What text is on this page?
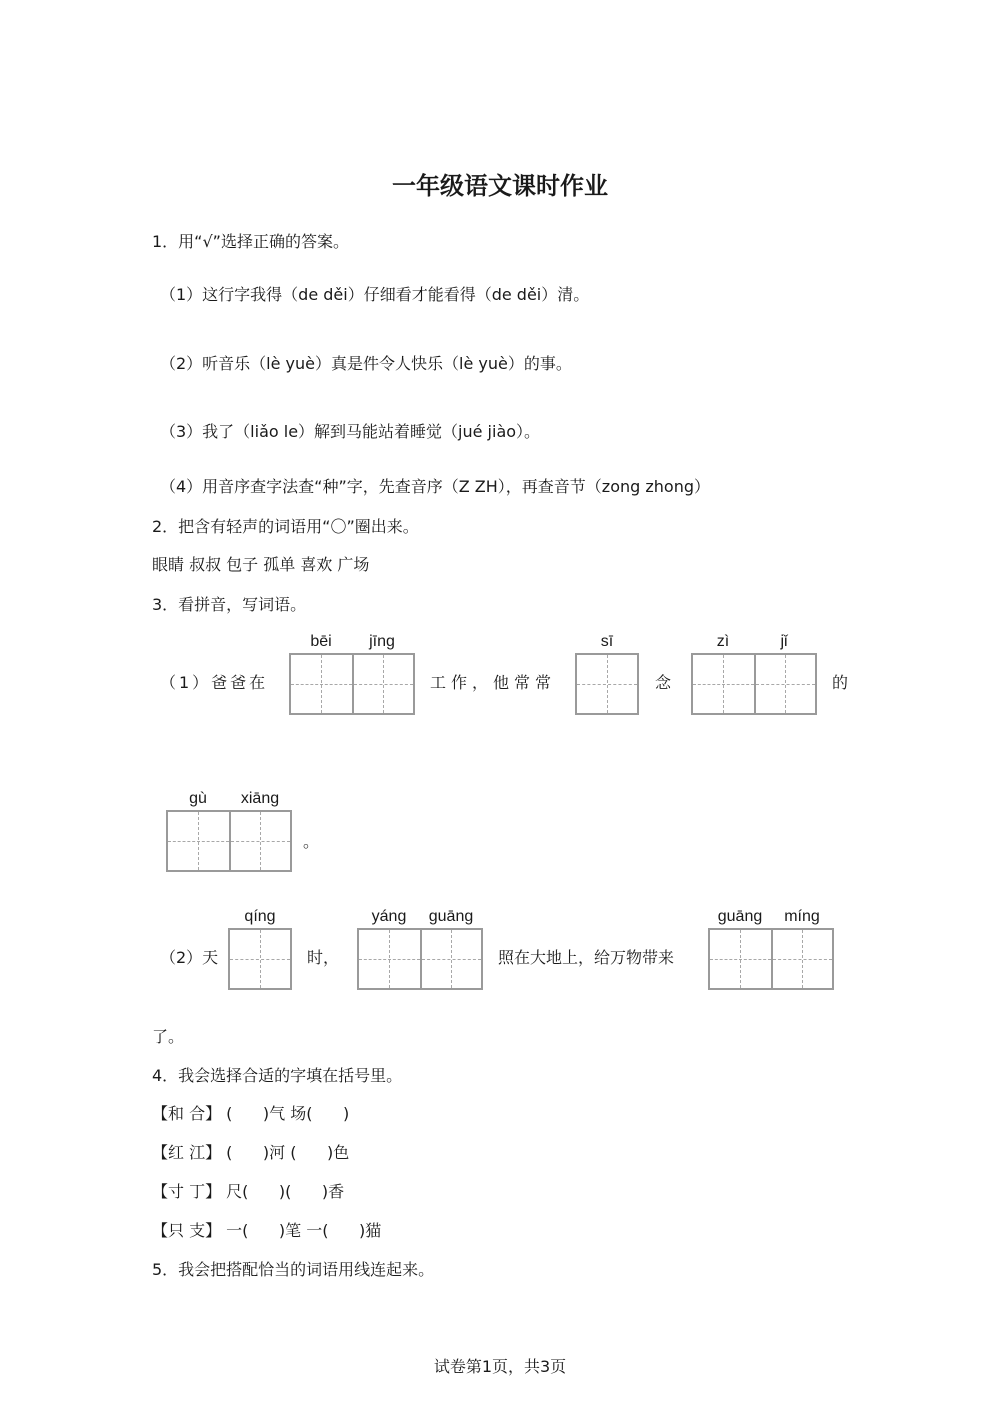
一年级语文课时作业
1．用“√”选择正确的答案。
（1）这行字我得（de děi）仔细看才能看得（de děi）清。
（2）听音乐（lè yuè）真是件令人快乐（lè yuè）的事。
（3）我了（liǎo le）解到马能站着睡觉（jué jiào）。
（4）用音序查字法查“种”字，先查音序（Z ZH），再查音节（zong zhong）
2．把含有轻声的词语用“〇”圈出来。
眼睛 叔叔 包子 孤单 喜欢 广场
3．看拼音，写词语。
（1）爸爸在
bēi	jīng
工作，他常常
sī
念
zì	jǐ
的
gù	xiāng
。
（2）天
qíng
时，
yáng	guāng
照在大地上，给万物带来
guāng	míng
了。
4．我会选择合适的字填在括号里。
【和 合】 (      )气 场(      )
【红 江】 (      )河 (      )色
【寸 丁】 尺(      )(      )香
【只 支】 一(      )笔 一(      )猫
5．我会把搭配恰当的词语用线连起来。
试卷第1页，共3页
